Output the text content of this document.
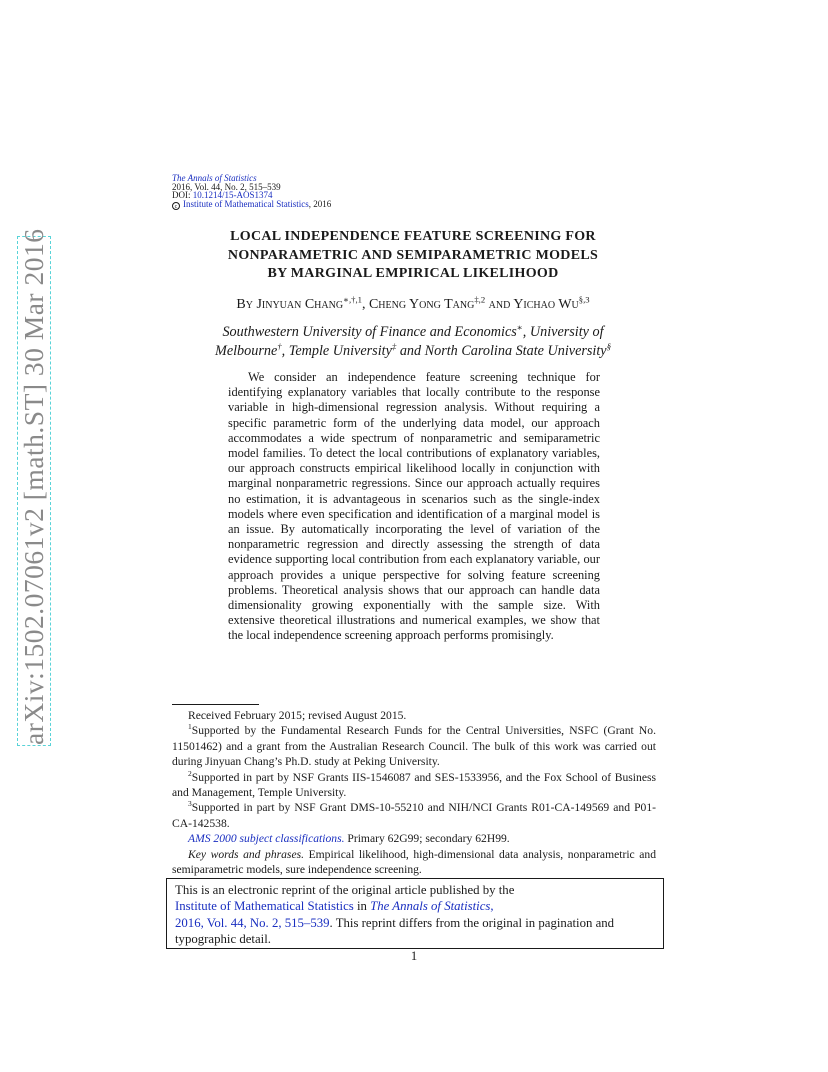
The Annals of Statistics
2016, Vol. 44, No. 2, 515–539
DOI: 10.1214/15-AOS1374
c Institute of Mathematical Statistics, 2016
arXiv:1502.07061v2 [math.ST] 30 Mar 2016	LOCAL INDEPENDENCE FEATURE SCREENING FOR
NONPARAMETRIC AND SEMIPARAMETRIC MODELS
BY MARGINAL EMPIRICAL LIKELIHOOD
By Jinyuan Chang$^{∗,\dagger,1}$, Cheng Yong Tang$^{\ddagger,2}$ and Yichao $Wu^{\S,3}$
Southwestern University of Finance and Economics∗, University of
Melbourne†, Temple University‡ and North Carolina State University§
We consider an independence feature screening technique for identifying explanatory variables that locally contribute to the response variable in high-dimensional regression analysis. Without requiring a specific parametric form of the underlying data model, our approach accommodates a wide spectrum of nonparametric and semiparametric model families. To detect the local contributions of explanatory variables, our approach constructs empirical likelihood locally in conjunction with marginal nonparametric regressions. Since our approach actually requires no estimation, it is advantageous in scenarios such as the single-index models where even specification and identification of a marginal model is an issue. By automatically incorporating the level of variation of the nonparametric regression and directly assessing the strength of data evidence supporting local contribution from each explanatory variable, our approach provides a unique perspective for solving feature screening problems. Theoretical analysis shows that our approach can handle data dimensionality growing exponentially with the sample size. With extensive theoretical illustrations and numerical examples, we show that the local independence screening approach performs promisingly.

Received February 2015; revised August 2015.

$^1$Supported by the Fundamental Research Funds for the Central Universities, NSFC (Grant No. 11501462) and a grant from the Australian Research Council. The bulk of this work was carried out during Jinyuan Chang’s Ph.D. study at Peking University.

$^2$Supported in part by NSF Grants IIS-1546087 and SES-1533956, and the Fox School of Business and Management, Temple University.

$^3$Supported in part by NSF Grant DMS-10-55210 and NIH/NCI Grants R01-CA-149569 and P01-CA-142538.

AMS 2000 subject classifications. Primary 62G99; secondary 62H99.

Key words and phrases. Empirical likelihood, high-dimensional data analysis, nonparametric and semiparametric models, sure independence screening.

This is an electronic reprint of the original article published by the
Institute of Mathematical Statistics in The Annals of Statistics,
2016, Vol. 44, No. 2, 515–539. This reprint differs from the original in pagination and typographic detail.
1
